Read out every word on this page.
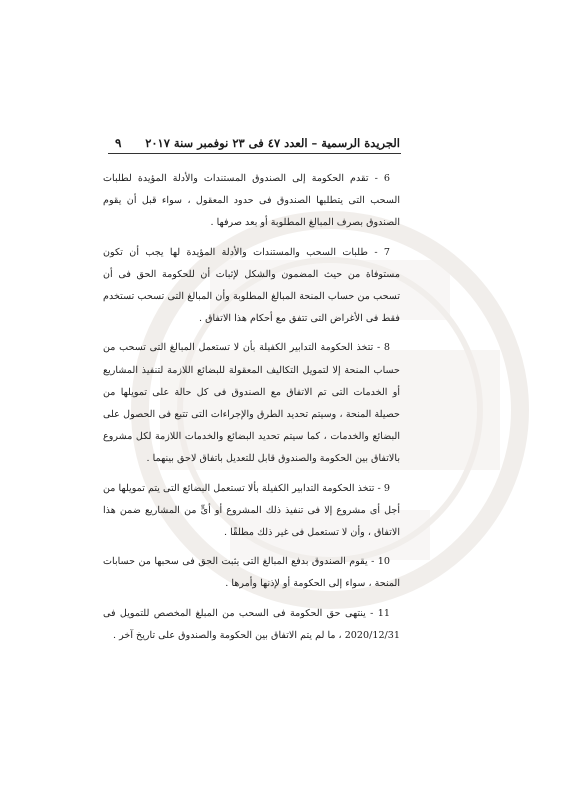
الجريدة الرسمية – العدد ٤٧ فى ٢٣ نوفمبر سنة ٢٠١٧
٩

6 - تقدم الحكومة إلى الصندوق المستندات والأدلة المؤيدة لطلبات السحب التى يتطلبها الصندوق فى حدود المعقول ، سواء قبل أن يقوم الصندوق بصرف المبالغ المطلوبة أو بعد صرفها .

7 - طلبات السحب والمستندات والأدلة المؤيدة لها يجب أن تكون مستوفاة من حيث المضمون والشكل لإثبات أن للحكومة الحق فى أن تسحب من حساب المنحة المبالغ المطلوبة وأن المبالغ التى تسحب تستخدم فقط فى الأغراض التى تتفق مع أحكام هذا الاتفاق .

8 - تتخذ الحكومة التدابير الكفيلة بأن لا تستعمل المبالغ التى تسحب من حساب المنحة إلا لتمويل التكاليف المعقولة للبضائع اللازمة لتنفيذ المشاريع أو الخدمات التى تم الاتفاق مع الصندوق فى كل حالة على تمويلها من حصيلة المنحة ، وسيتم تحديد الطرق والإجراءات التى تتبع فى الحصول على البضائع والخدمات ، كما سيتم تحديد البضائع والخدمات اللازمة لكل مشروع بالاتفاق بين الحكومة والصندوق قابل للتعديل باتفاق لاحق بينهما .

9 - تتخذ الحكومة التدابير الكفيلة بألا تستعمل البضائع التى يتم تمويلها من أجل أى مشروع إلا فى تنفيذ ذلك المشروع أو أىٍّ من المشاريع ضمن هذا الاتفاق ، وأن لا تستعمل فى غير ذلك مطلقًا .

10 - يقوم الصندوق بدفع المبالغ التى يثبت الحق فى سحبها من حسابات المنحة ، سواء إلى الحكومة أو لإذنها وأمرها .

11 - ينتهى حق الحكومة فى السحب من المبلغ المخصص للتمويل فى 2020/12/31 ، ما لم يتم الاتفاق بين الحكومة والصندوق على تاريخ آخر .
